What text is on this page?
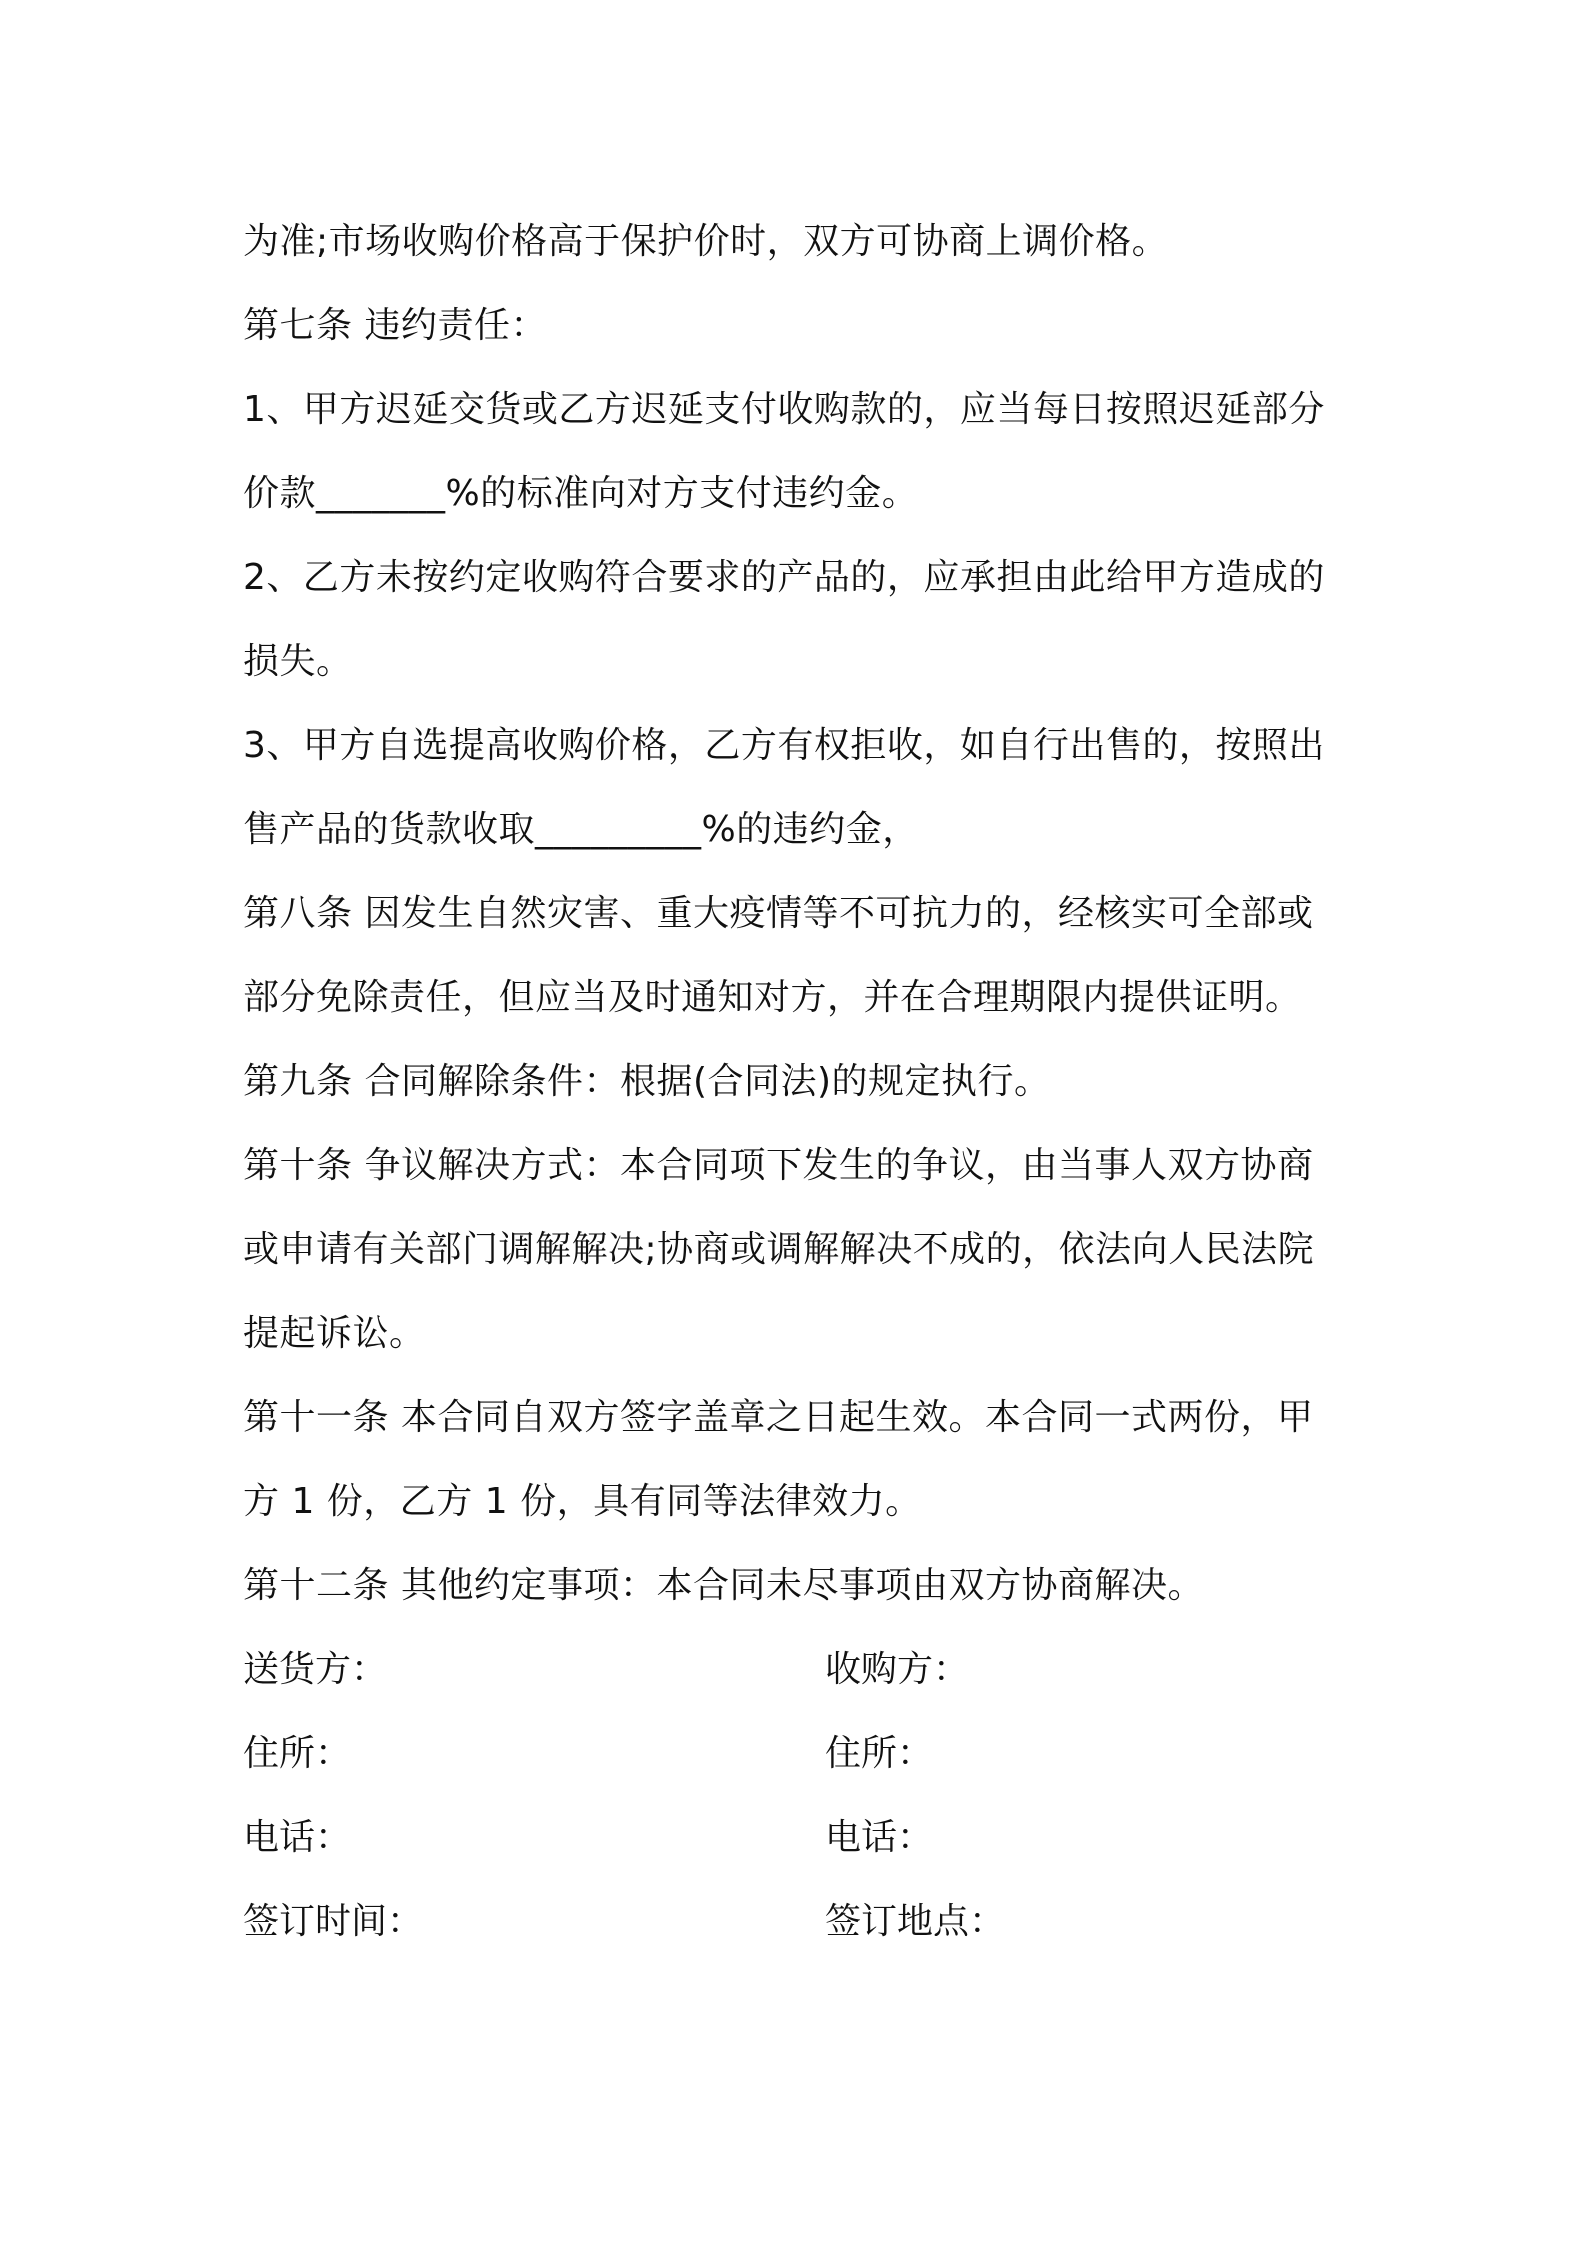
为准;市场收购价格高于保护价时，双方可协商上调价格。
第七条 违约责任：
1、甲方迟延交货或乙方迟延支付收购款的，应当每日按照迟延部分
价款_______%的标准向对方支付违约金。
2、乙方未按约定收购符合要求的产品的，应承担由此给甲方造成的
损失。
3、甲方自选提高收购价格，乙方有权拒收，如自行出售的，按照出
售产品的货款收取_________%的违约金，
第八条 因发生自然灾害、重大疫情等不可抗力的，经核实可全部或
部分免除责任，但应当及时通知对方，并在合理期限内提供证明。
第九条 合同解除条件：根据(合同法)的规定执行。
第十条 争议解决方式：本合同项下发生的争议，由当事人双方协商
或申请有关部门调解解决;协商或调解解决不成的，依法向人民法院
提起诉讼。
第十一条 本合同自双方签字盖章之日起生效。本合同一式两份，甲
方 1 份，乙方 1 份，具有同等法律效力。
第十二条 其他约定事项：本合同未尽事项由双方协商解决。
送货方：	收购方：
住所：	住所：
电话：	电话：
签订时间：	签订地点：
